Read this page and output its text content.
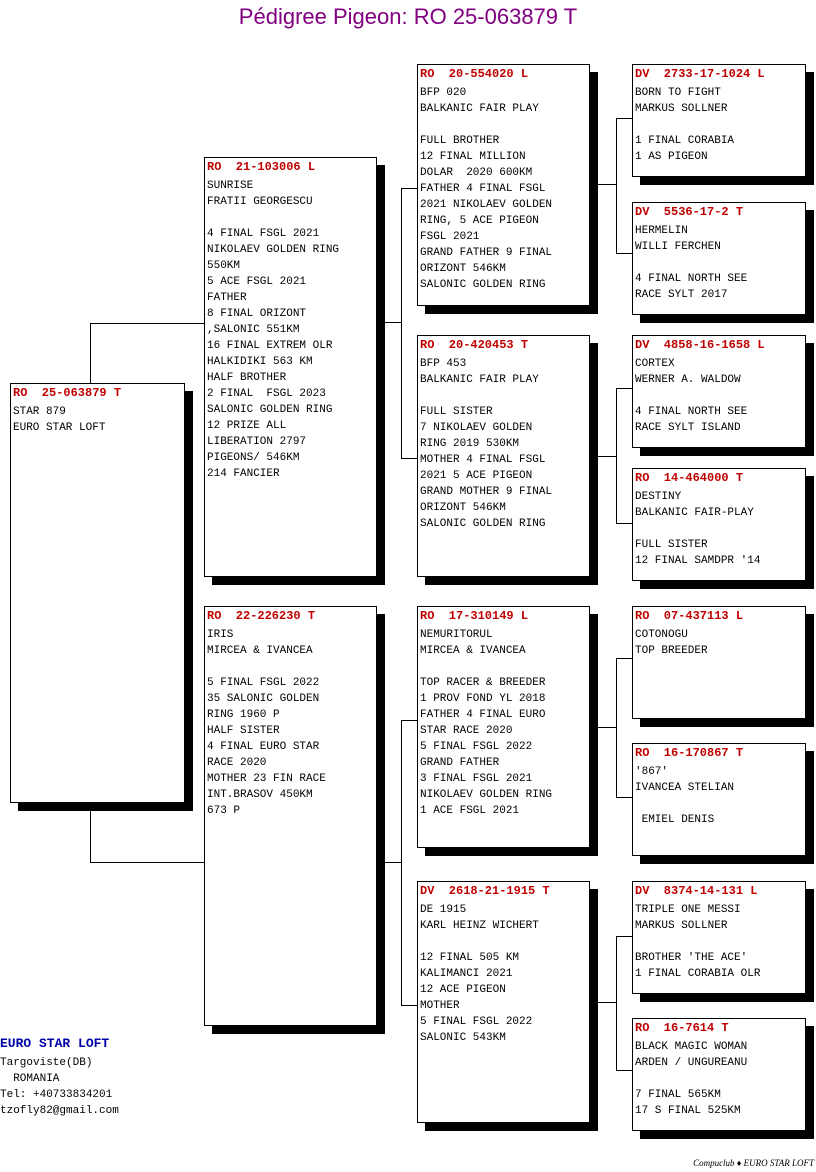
Pédigree Pigeon: RO 25-063879 T
RO  25-063879 T
STAR 879
EURO STAR LOFT
RO  21-103006 L
SUNRISE
FRATII GEORGESCU

4 FINAL FSGL 2021
NIKOLAEV GOLDEN RING
550KM
5 ACE FSGL 2021
FATHER
8 FINAL ORIZONT
,SALONIC 551KM
16 FINAL EXTREM OLR
HALKIDIKI 563 KM
HALF BROTHER
2 FINAL  FSGL 2023
SALONIC GOLDEN RING
12 PRIZE ALL
LIBERATION 2797
PIGEONS/ 546KM
214 FANCIER
RO  22-226230 T
IRIS
MIRCEA & IVANCEA

5 FINAL FSGL 2022
35 SALONIC GOLDEN
RING 1960 P
HALF SISTER
4 FINAL EURO STAR
RACE 2020
MOTHER 23 FIN RACE
INT.BRASOV 450KM
673 P
RO  20-554020 L
BFP 020
BALKANIC FAIR PLAY

FULL BROTHER
12 FINAL MILLION
DOLAR  2020 600KM
FATHER 4 FINAL FSGL
2021 NIKOLAEV GOLDEN
RING, 5 ACE PIGEON
FSGL 2021
GRAND FATHER 9 FINAL
ORIZONT 546KM
SALONIC GOLDEN RING
RO  20-420453 T
BFP 453
BALKANIC FAIR PLAY

FULL SISTER
7 NIKOLAEV GOLDEN
RING 2019 530KM
MOTHER 4 FINAL FSGL
2021 5 ACE PIGEON
GRAND MOTHER 9 FINAL
ORIZONT 546KM
SALONIC GOLDEN RING
RO  17-310149 L
NEMURITORUL
MIRCEA & IVANCEA

TOP RACER & BREEDER
1 PROV FOND YL 2018
FATHER 4 FINAL EURO
STAR RACE 2020
5 FINAL FSGL 2022
GRAND FATHER
3 FINAL FSGL 2021
NIKOLAEV GOLDEN RING
1 ACE FSGL 2021
DV  2618-21-1915 T
DE 1915
KARL HEINZ WICHERT

12 FINAL 505 KM
KALIMANCI 2021
12 ACE PIGEON
MOTHER
5 FINAL FSGL 2022
SALONIC 543KM
DV  2733-17-1024 L
BORN TO FIGHT
MARKUS SOLLNER

1 FINAL CORABIA
1 AS PIGEON
DV  5536-17-2 T
HERMELIN
WILLI FERCHEN

4 FINAL NORTH SEE
RACE SYLT 2017
DV  4858-16-1658 L
CORTEX
WERNER A. WALDOW

4 FINAL NORTH SEE
RACE SYLT ISLAND
RO  14-464000 T
DESTINY
BALKANIC FAIR-PLAY

FULL SISTER
12 FINAL SAMDPR '14
RO  07-437113 L
COTONOGU
TOP BREEDER
RO  16-170867 T
'867'
IVANCEA STELIAN

EMIEL DENIS
DV  8374-14-131 L
TRIPLE ONE MESSI
MARKUS SOLLNER

BROTHER 'THE ACE'
1 FINAL CORABIA OLR
RO  16-7614 T
BLACK MAGIC WOMAN
ARDEN / UNGUREANU

7 FINAL 565KM
17 S FINAL 525KM
EURO STAR LOFT
Targoviste(DB)
ROMANIA
Tel: +40733834201
tzofly82@gmail.com
Compuclub ♦ EURO STAR LOFT
